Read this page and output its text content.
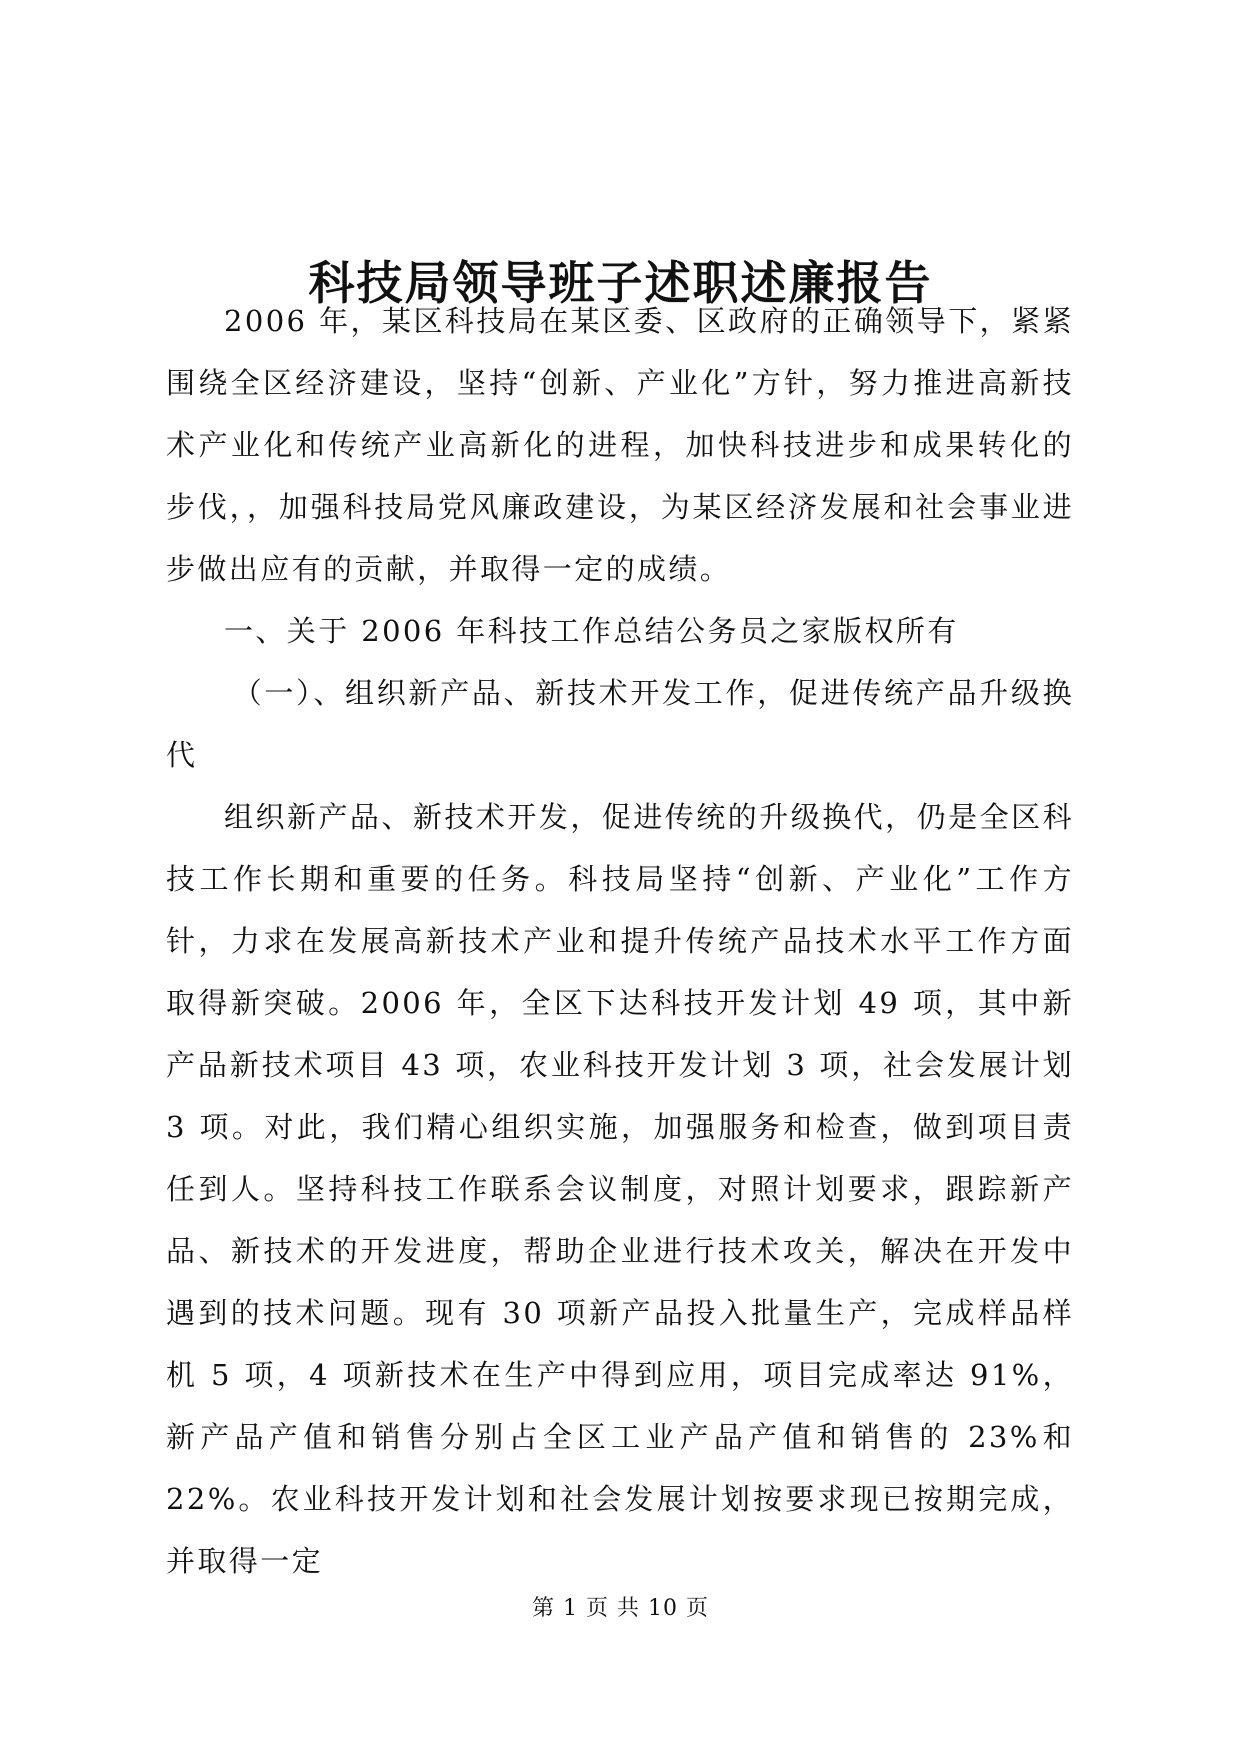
科技局领导班子述职述廉报告

2006 年，某区科技局在某区委、区政府的正确领导下，紧紧围绕全区经济建设，坚持“创新、产业化”方针，努力推进高新技术产业化和传统产业高新化的进程，加快科技进步和成果转化的步伐，，加强科技局党风廉政建设，为某区经济发展和社会事业进步做出应有的贡献，并取得一定的成绩。

一、关于 2006 年科技工作总结公务员之家版权所有

（一）、组织新产品、新技术开发工作，促进传统产品升级换代

组织新产品、新技术开发，促进传统的升级换代，仍是全区科技工作长期和重要的任务。科技局坚持“创新、产业化”工作方针，力求在发展高新技术产业和提升传统产品技术水平工作方面取得新突破。2006 年，全区下达科技开发计划 49 项，其中新产品新技术项目 43 项，农业科技开发计划 3 项，社会发展计划 3 项。对此，我们精心组织实施，加强服务和检查，做到项目责任到人。坚持科技工作联系会议制度，对照计划要求，跟踪新产品、新技术的开发进度，帮助企业进行技术攻关，解决在开发中遇到的技术问题。现有 30 项新产品投入批量生产，完成样品样机 5 项，4 项新技术在生产中得到应用，项目完成率达 91%，新产品产值和销售分别占全区工业产品产值和销售的 23%和 22%。农业科技开发计划和社会发展计划按要求现已按期完成，并取得一定

第 1 页 共 10 页
